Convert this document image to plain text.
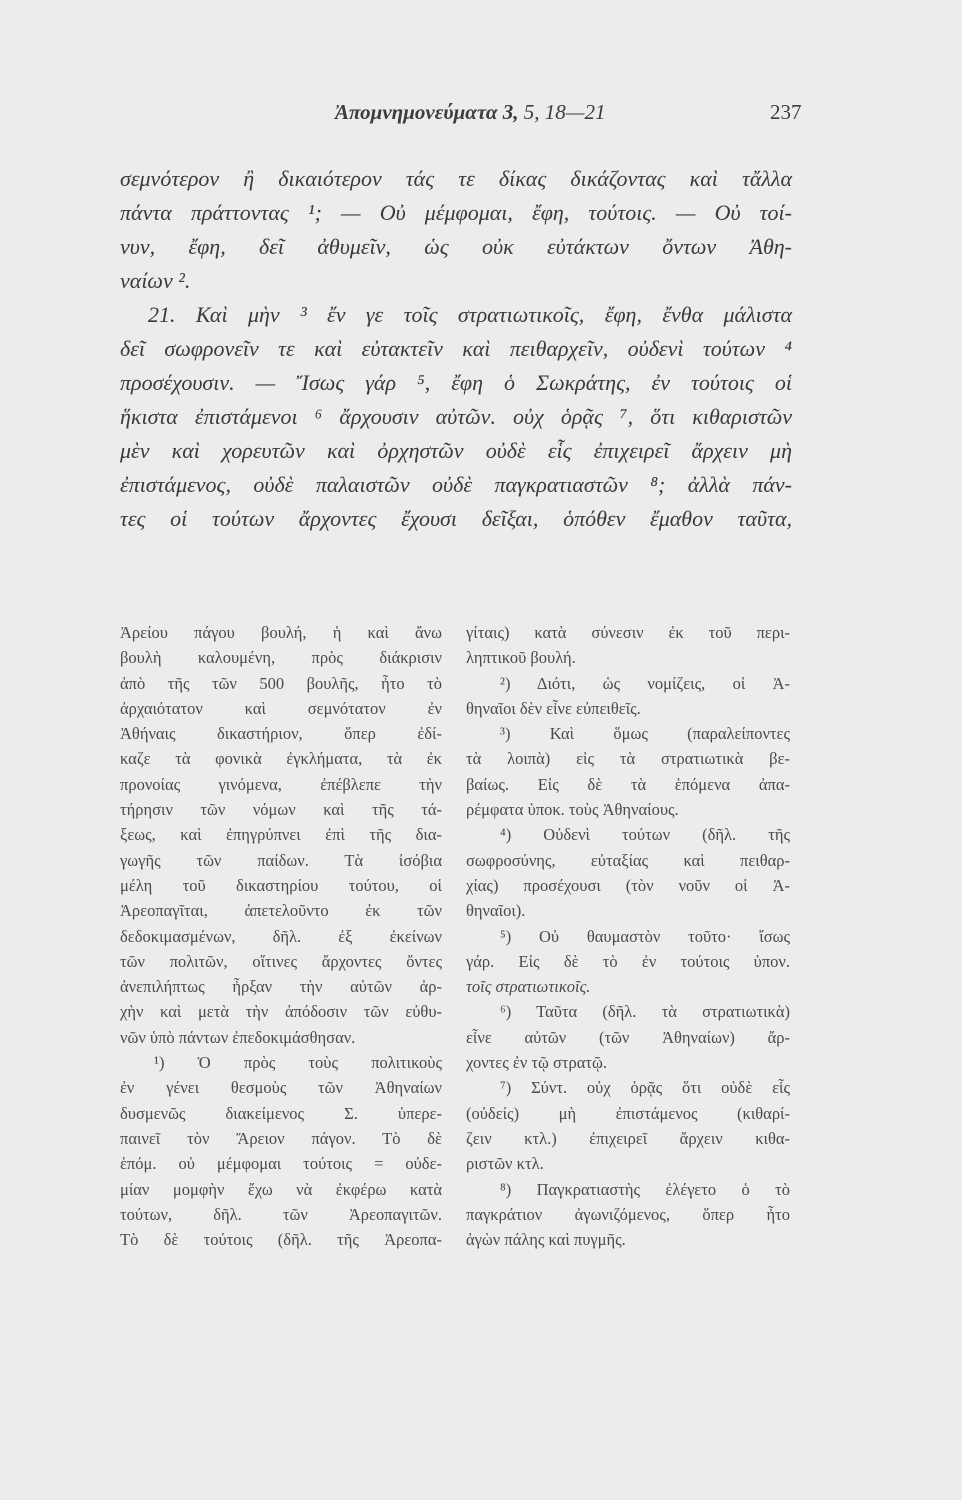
Ἀπομνημονεύματα 3, 5, 18—21	237
σεμνότερον ἢ δικαιότερον τάς τε δίκας δικάζοντας καὶ τἄλλα
πάντα πράττοντας ¹; — Οὐ μέμφομαι, ἔφη, τούτοις. — Οὐ τοί-
νυν, ἔφη, δεῖ ἀθυμεῖν, ὡς οὐκ εὐτάκτων ὄντων Ἀθη-
ναίων ².
21. Καὶ μὴν ³ ἔν γε τοῖς στρατιωτικοῖς, ἔφη, ἔνθα μάλιστα
δεῖ σωφρονεῖν τε καὶ εὐτακτεῖν καὶ πειθαρχεῖν, οὐδενὶ τούτων ⁴
προσέχουσιν. — Ἴσως γάρ ⁵, ἔφη ὁ Σωκράτης, ἐν τούτοις οἱ
ἥκιστα ἐπιστάμενοι ⁶ ἄρχουσιν αὐτῶν. οὐχ ὁρᾷς ⁷, ὅτι κιθαριστῶν
μὲν καὶ χορευτῶν καὶ ὀρχηστῶν οὐδὲ εἷς ἐπιχειρεῖ ἄρχειν μὴ
ἐπιστάμενος, οὐδὲ παλαιστῶν οὐδὲ παγκρατιαστῶν ⁸; ἀλλὰ πάν-
τες οἱ τούτων ἄρχοντες ἔχουσι δεῖξαι, ὁπόθεν ἔμαθον ταῦτα,
Ἀρείου πάγου βουλή, ἡ καὶ ἄνω
βουλὴ καλουμένη, πρὸς διάκρισιν
ἀπὸ τῆς τῶν 500 βουλῆς, ἦτο τὸ
ἀρχαιότατον καὶ σεμνότατον ἐν
Ἀθήναις δικαστήριον, ὅπερ ἐδί-
καζε τὰ φονικὰ ἐγκλήματα, τὰ ἐκ
προνοίας γινόμενα, ἐπέβλεπε τὴν
τήρησιν τῶν νόμων καὶ τῆς τά-
ξεως, καὶ ἐπηγρύπνει ἐπὶ τῆς δια-
γωγῆς τῶν παίδων. Τὰ ἰσόβια
μέλη τοῦ δικαστηρίου τούτου, οἱ
Ἀρεοπαγῖται, ἀπετελοῦντο ἐκ τῶν
δεδοκιμασμένων, δῆλ. ἐξ ἐκείνων
τῶν πολιτῶν, οἵτινες ἄρχοντες ὄντες
ἀνεπιλήπτως ἦρξαν τὴν αὐτῶν ἀρ-
χὴν καὶ μετὰ τὴν ἀπόδοσιν τῶν εὐθυ-
νῶν ὑπὸ πάντων ἐπεδοκιμάσθησαν.
¹) Ὁ πρὸς τοὺς πολιτικοὺς
ἐν γένει θεσμοὺς τῶν Ἀθηναίων
δυσμενῶς διακείμενος Σ. ὑπερε-
παινεῖ τὸν Ἄρειον πάγον. Τὸ δὲ
ἑπόμ. οὐ μέμφομαι τούτοις = οὐδε-
μίαν μομφὴν ἔχω νὰ ἐκφέρω κατὰ
τούτων, δῆλ. τῶν Ἀρεοπαγιτῶν.
Τὸ δὲ τούτοις (δῆλ. τῆς Ἀρεοπα-
γίταις) κατὰ σύνεσιν ἐκ τοῦ περι-
ληπτικοῦ βουλή.
²) Διότι, ὡς νομίζεις, οἱ Ἀ-
θηναῖοι δὲν εἶνε εὐπειθεῖς.
³) Καὶ ὅμως (παραλείποντες
τὰ λοιπὰ) εἰς τὰ στρατιωτικὰ βε-
βαίως. Εἰς δὲ τὰ ἑπόμενα ἀπα-
ρέμφατα ὑποκ. τοὺς Ἀθηναίους.
⁴) Οὐδενὶ τούτων (δῆλ. τῆς
σωφροσύνης, εὐταξίας καὶ πειθαρ-
χίας) προσέχουσι (τὸν νοῦν οἱ Ἀ-
θηναῖοι).
⁵) Οὐ θαυμαστὸν τοῦτο· ἴσως
γάρ. Εἰς δὲ τὸ ἐν τούτοις ὑπον.
τοῖς στρατιωτικοῖς.
⁶) Ταῦτα (δῆλ. τὰ στρατιωτικὰ)
εἶνε αὐτῶν (τῶν Ἀθηναίων) ἄρ-
χοντες ἐν τῷ στρατῷ.
⁷) Σύντ. οὐχ ὁρᾷς ὅτι οὐδὲ εἷς
(οὐδείς) μὴ ἐπιστάμενος (κιθαρί-
ζειν κτλ.) ἐπιχειρεῖ ἄρχειν κιθα-
ριστῶν κτλ.
⁸) Παγκρατιαστὴς ἐλέγετο ὁ τὸ
παγκράτιον ἀγωνιζόμενος, ὅπερ ἦτο
ἀγὼν πάλης καὶ πυγμῆς.
